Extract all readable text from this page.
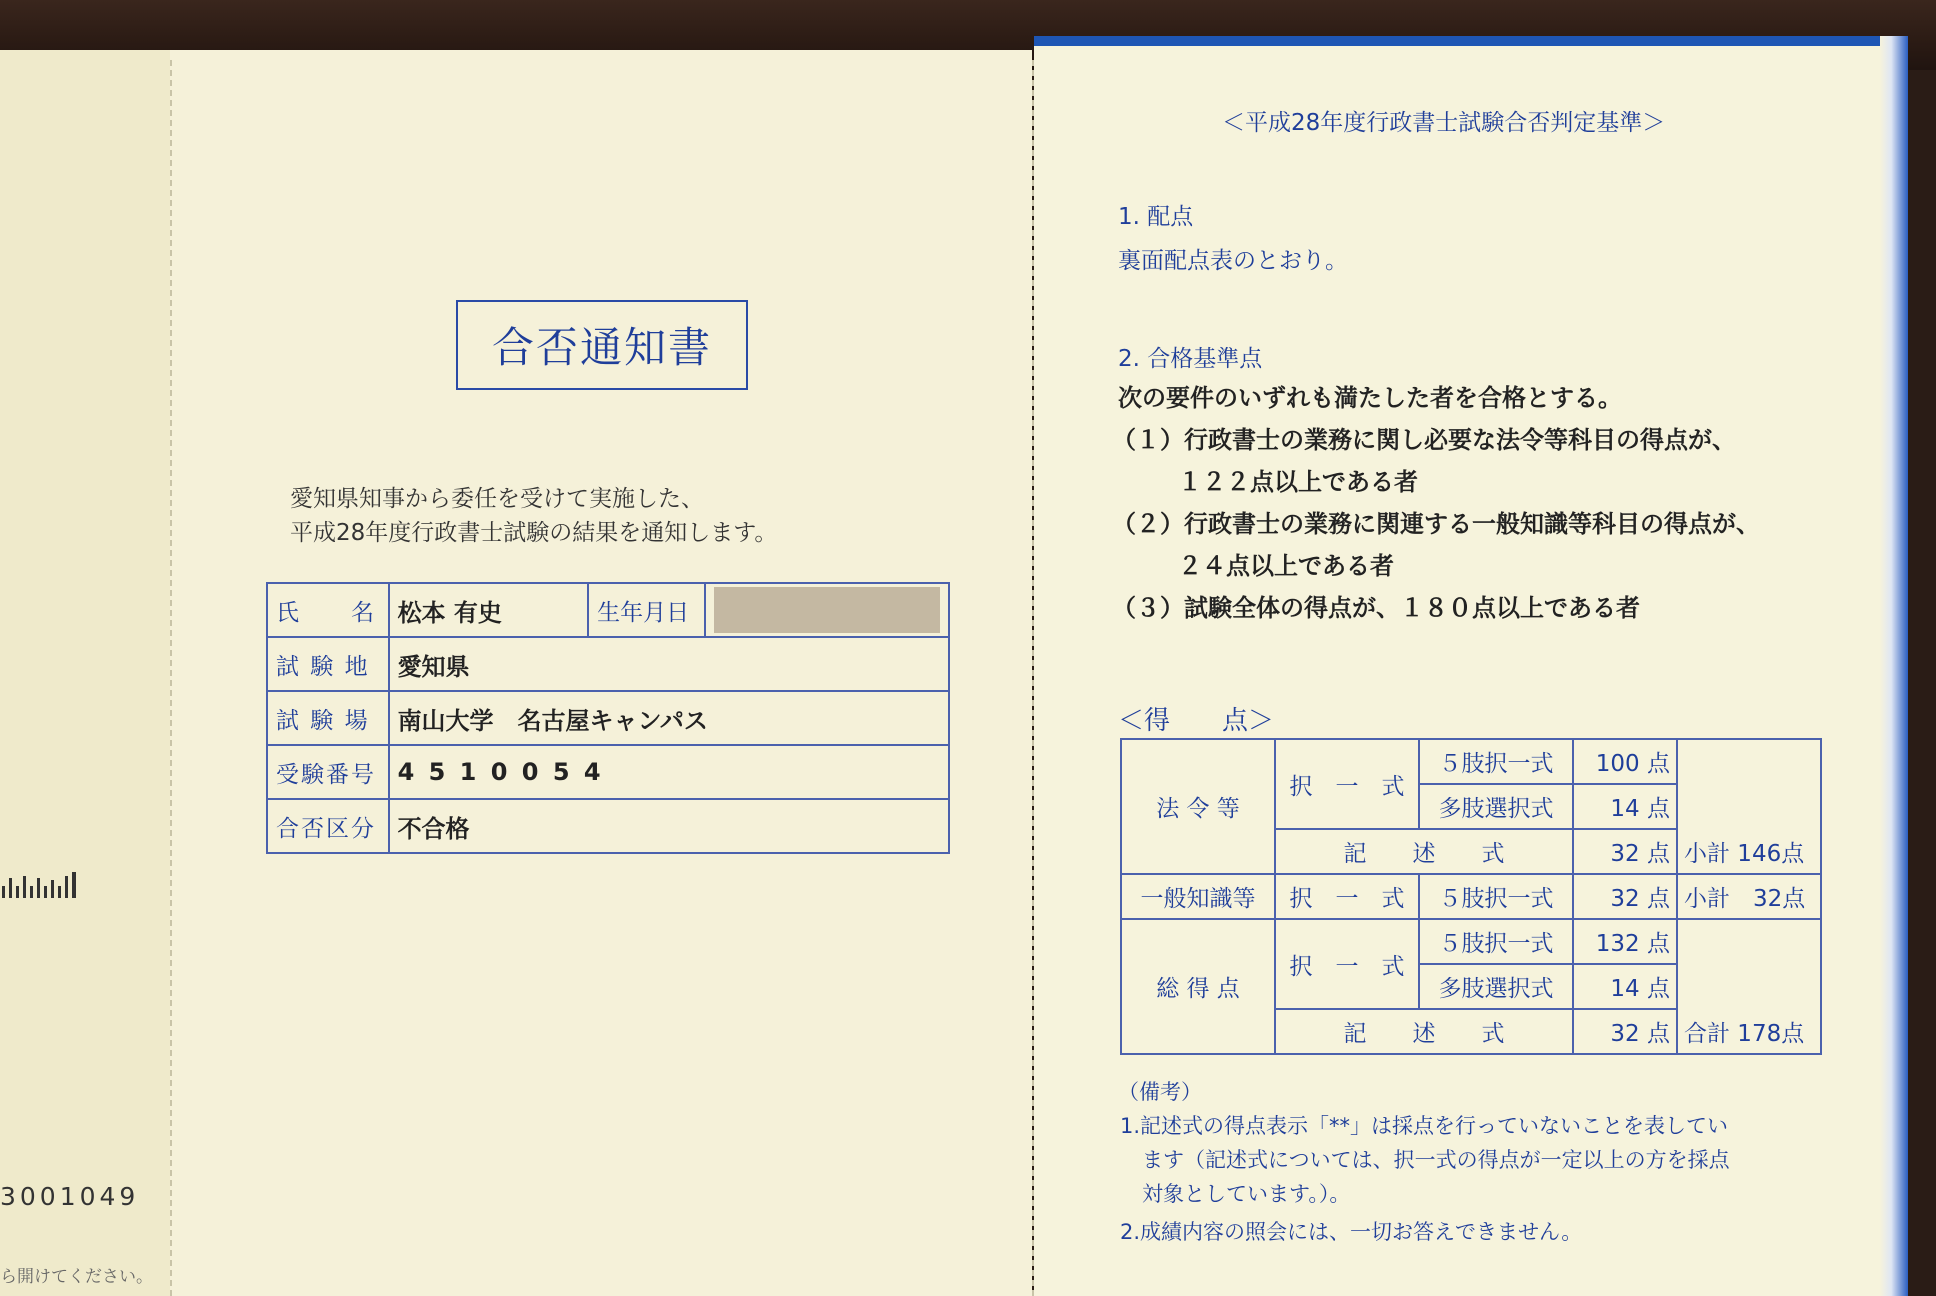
3001049
ら開けてください。
合否通知書
愛知県知事から委任を受けて実施した、
平成28年度行政書士試験の結果を通知します。
氏　　名	松本 有史	生年月日	
試 験 地	愛知県		
試 験 場	南山大学　名古屋キャンパス		
受験番号	4 5 1 0 0 5 4		
合否区分	不合格		
＜平成28年度行政書士試験合否判定基準＞
1. 配点
裏面配点表のとおり。
2. 合格基準点
次の要件のいずれも満たした者を合格とする。
（１）行政書士の業務に関し必要な法令等科目の得点が、
１２２点以上である者
（２）行政書士の業務に関連する一般知識等科目の得点が、
２４点以上である者
（３）試験全体の得点が、１８０点以上である者
＜得　　点＞
法 令 等	択　一　式	５肢択一式	100 点	
		多肢選択式	14 点	
	記　　述　　式		32 点	小計 146点
一般知識等	択　一　式	５肢択一式	32 点	小計　32点
総 得 点	択　一　式	５肢択一式	132 点	
		多肢選択式	14 点	
	記　　述　　式		32 点	合計 178点
（備考）
1.記述式の得点表示「**」は採点を行っていないことを表してい
ます（記述式については、択一式の得点が一定以上の方を採点
対象としています。）。
2.成績内容の照会には、一切お答えできません。
